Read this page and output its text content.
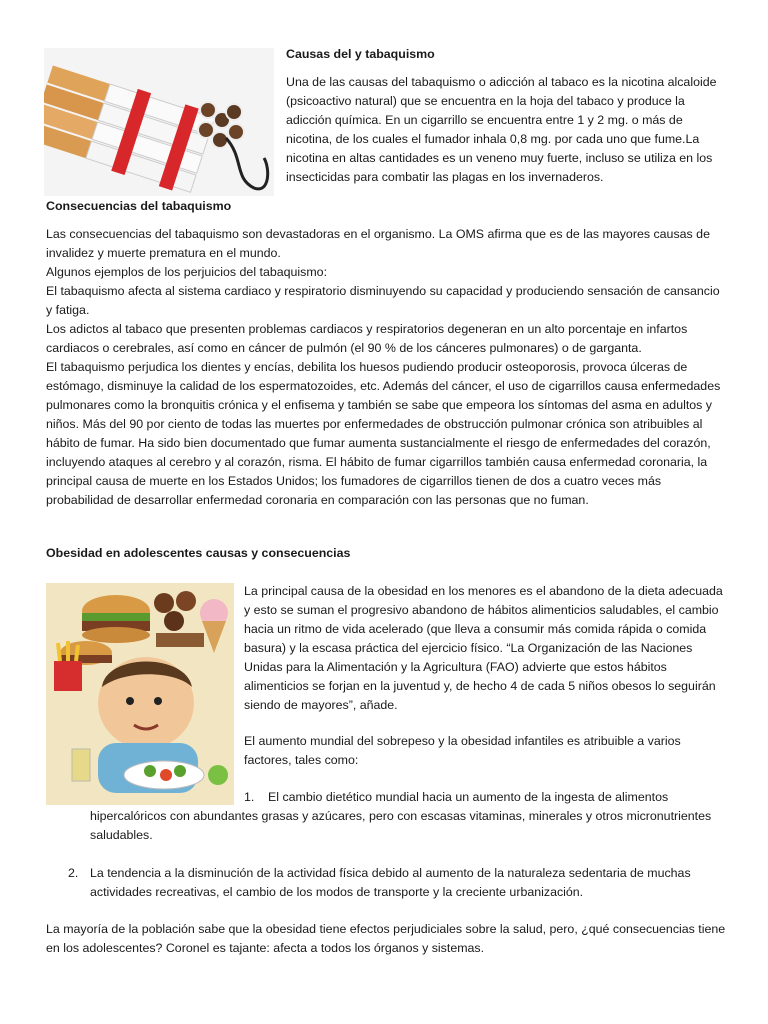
Causas del y tabaquismo

Una de las causas del tabaquismo o adicción al tabaco es la nicotina alcaloide (psicoactivo natural) que se encuentra en la hoja del tabaco y produce la adicción química. En un cigarrillo se encuentra entre 1 y 2 mg. o más de nicotina, de los cuales el fumador inhala 0,8 mg. por cada uno que fume.La nicotina en altas cantidades es un veneno muy fuerte, incluso se utiliza en los insecticidas para combatir las plagas en los invernaderos.

Consecuencias del tabaquismo

Las consecuencias del tabaquismo son devastadoras en el organismo. La OMS afirma que es de las mayores causas de invalidez y muerte prematura en el mundo.

Algunos ejemplos de los perjuicios del tabaquismo:

El tabaquismo afecta al sistema cardiaco y respiratorio disminuyendo su capacidad y produciendo sensación de cansancio y fatiga.

Los adictos al tabaco que presenten problemas cardiacos y respiratorios degeneran en un alto porcentaje en infartos cardiacos o cerebrales, así como en cáncer de pulmón (el 90 % de los cánceres pulmonares) o de garganta.

El tabaquismo perjudica los dientes y encías, debilita los huesos pudiendo producir osteoporosis, provoca úlceras de estómago, disminuye la calidad de los espermatozoides, etc. Además del cáncer, el uso de cigarrillos causa enfermedades pulmonares como la bronquitis crónica y el enfisema y también se sabe que empeora los síntomas del asma en adultos y niños. Más del 90 por ciento de todas las muertes por enfermedades de obstrucción pulmonar crónica son atribuibles al hábito de fumar. Ha sido bien documentado que fumar aumenta sustancialmente el riesgo de enfermedades del corazón, incluyendo ataques al cerebro y al corazón, risma. El hábito de fumar cigarrillos también causa enfermedad coronaria, la principal causa de muerte en los Estados Unidos; los fumadores de cigarrillos tienen de dos a cuatro veces más probabilidad de desarrollar enfermedad coronaria en comparación con las personas que no fuman.

Obesidad en adolescentes causas y consecuencias

La principal causa de la obesidad en los menores es el abandono de la dieta adecuada y esto se suman el progresivo abandono de hábitos alimenticios saludables, el cambio hacia un ritmo de vida acelerado (que lleva a consumir más comida rápida o comida basura) y la escasa práctica del ejercicio físico. “La Organización de las Naciones Unidas para la Alimentación y la Agricultura (FAO) advierte que estos hábitos alimenticios se forjan en la juventud y, de hecho 4 de cada 5 niños obesos lo seguirán siendo de mayores”, añade.

El aumento mundial del sobrepeso y la obesidad infantiles es atribuible a varios factores, tales como:

1.	El cambio dietético mundial hacia un aumento de la ingesta de alimentos hipercalóricos con abundantes grasas y azúcares, pero con escasas vitaminas, minerales y otros micronutrientes saludables.
2. La tendencia a la disminución de la actividad física debido al aumento de la naturaleza sedentaria de muchas actividades recreativas, el cambio de los modos de transporte y la creciente urbanización.

La mayoría de la población sabe que la obesidad tiene efectos perjudiciales sobre la salud, pero, ¿qué consecuencias tiene en los adolescentes? Coronel es tajante: afecta a todos los órganos y sistemas.
